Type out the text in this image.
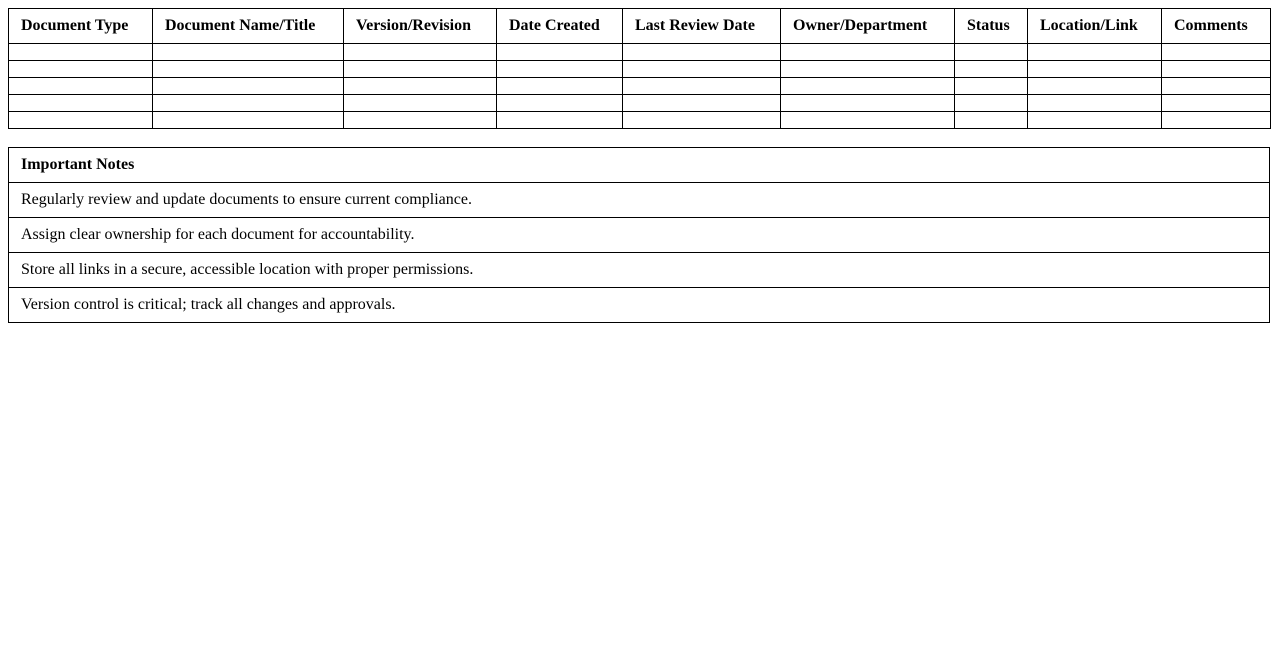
Document Type	Document Name/Title	Version/Revision	Date Created	Last Review Date	Owner/Department	Status	Location/Link	Comments

Important Notes
Regularly review and update documents to ensure current compliance.
Assign clear ownership for each document for accountability.
Store all links in a secure, accessible location with proper permissions.
Version control is critical; track all changes and approvals.
